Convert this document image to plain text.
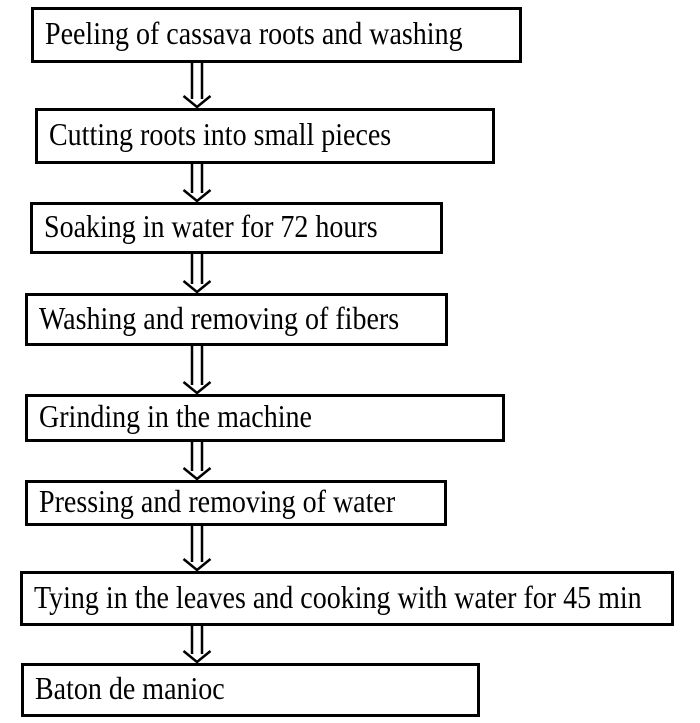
Peeling of cassava roots and washing
Cutting roots into small pieces
Soaking in water for 72 hours
Washing and removing of fibers
Grinding in the machine
Pressing and removing of water
Tying in the leaves and cooking with water for 45 min
Baton de manioc
